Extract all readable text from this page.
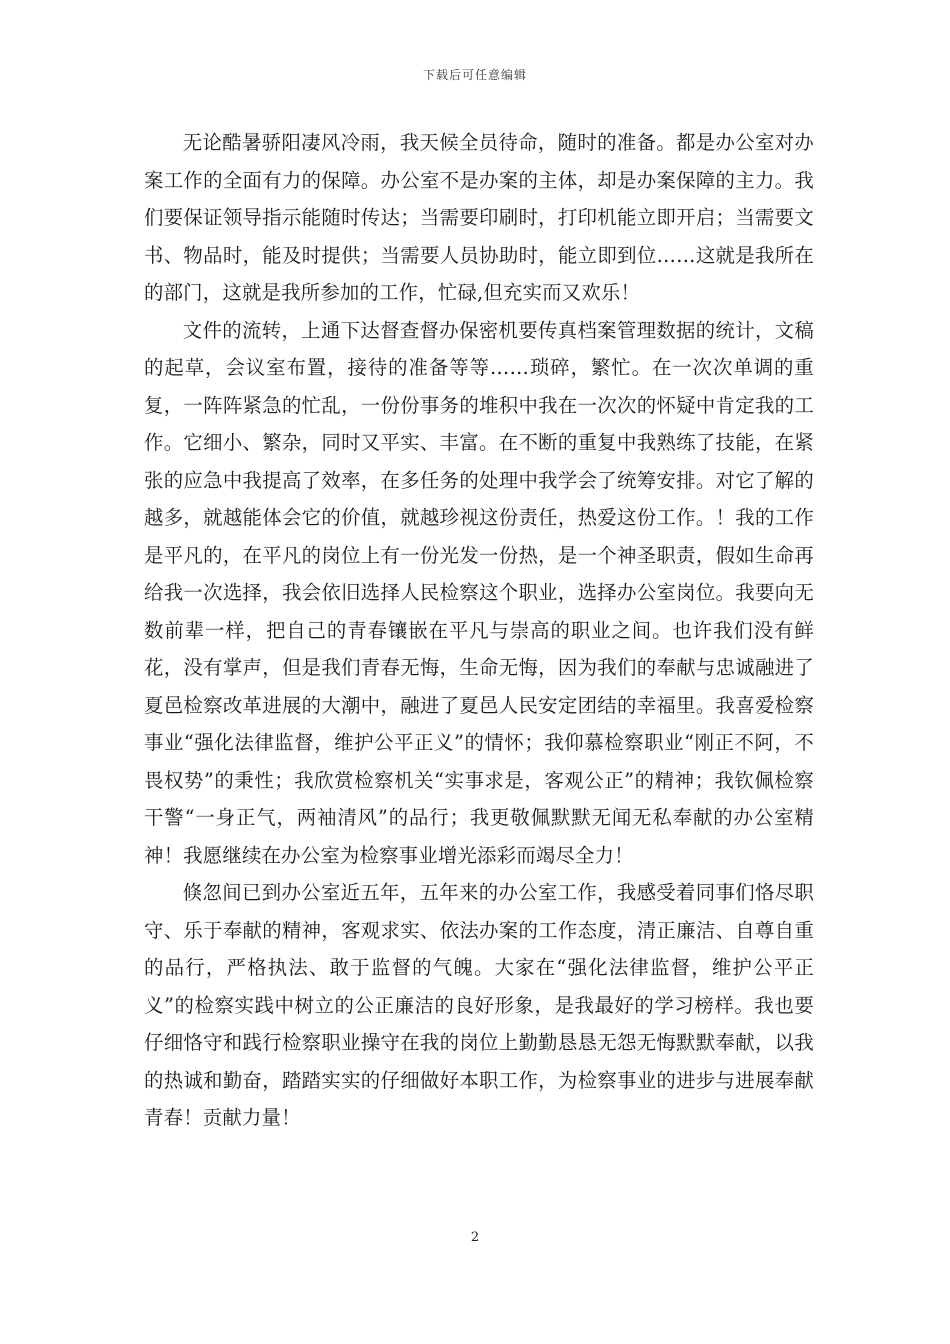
下载后可任意编辑

无论酷暑骄阳凄风冷雨，我天候全员待命，随时的准备。都是办公室对办案工作的全面有力的保障。办公室不是办案的主体，却是办案保障的主力。我们要保证领导指示能随时传达；当需要印刷时，打印机能立即开启；当需要文书、物品时，能及时提供；当需要人员协助时，能立即到位……这就是我所在的部门，这就是我所参加的工作，忙碌,但充实而又欢乐！

文件的流转，上通下达督查督办保密机要传真档案管理数据的统计，文稿的起草，会议室布置，接待的准备等等……琐碎，繁忙。在一次次单调的重复，一阵阵紧急的忙乱，一份份事务的堆积中我在一次次的怀疑中肯定我的工作。它细小、繁杂，同时又平实、丰富。在不断的重复中我熟练了技能，在紧张的应急中我提高了效率，在多任务的处理中我学会了统筹安排。对它了解的越多，就越能体会它的价值，就越珍视这份责任，热爱这份工作。！我的工作是平凡的，在平凡的岗位上有一份光发一份热，是一个神圣职责，假如生命再给我一次选择，我会依旧选择人民检察这个职业，选择办公室岗位。我要向无数前辈一样，把自己的青春镶嵌在平凡与崇高的职业之间。也许我们没有鲜花，没有掌声，但是我们青春无悔，生命无悔，因为我们的奉献与忠诚融进了夏邑检察改革进展的大潮中，融进了夏邑人民安定团结的幸福里。我喜爱检察事业“强化法律监督，维护公平正义”的情怀；我仰慕检察职业“刚正不阿，不畏权势”的秉性；我欣赏检察机关“实事求是，客观公正”的精神；我钦佩检察干警“一身正气，两袖清风”的品行；我更敬佩默默无闻无私奉献的办公室精神！我愿继续在办公室为检察事业增光添彩而竭尽全力！

倏忽间已到办公室近五年，五年来的办公室工作，我感受着同事们恪尽职守、乐于奉献的精神，客观求实、依法办案的工作态度，清正廉洁、自尊自重的品行，严格执法、敢于监督的气魄。大家在“强化法律监督，维护公平正义”的检察实践中树立的公正廉洁的良好形象，是我最好的学习榜样。我也要仔细恪守和践行检察职业操守在我的岗位上勤勤恳恳无怨无悔默默奉献，以我的热诚和勤奋，踏踏实实的仔细做好本职工作，为检察事业的进步与进展奉献青春！贡献力量！

2
